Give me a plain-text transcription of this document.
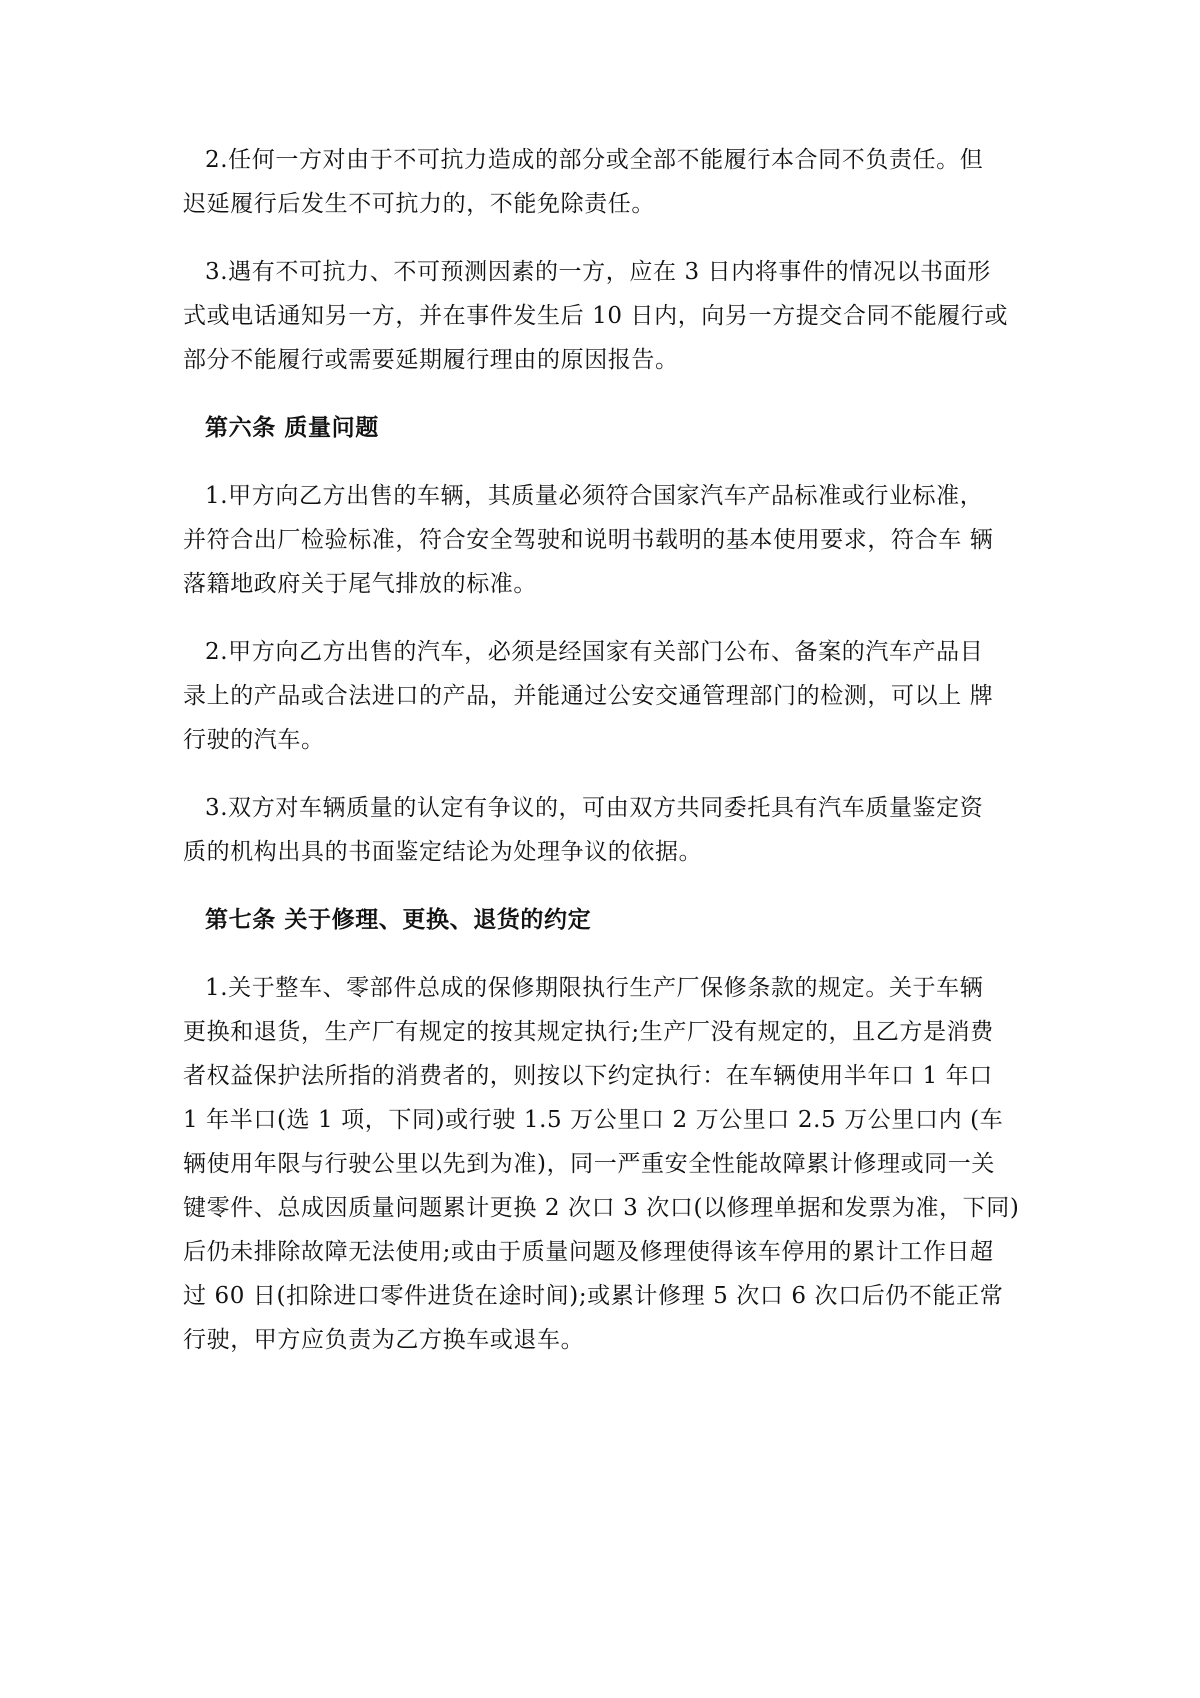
2.任何一方对由于不可抗力造成的部分或全部不能履行本合同不负责任。但
迟延履行后发生不可抗力的，不能免除责任。

3.遇有不可抗力、不可预测因素的一方，应在 3 日内将事件的情况以书面形
式或电话通知另一方，并在事件发生后 10 日内，向另一方提交合同不能履行或
部分不能履行或需要延期履行理由的原因报告。

第六条 质量问题

1.甲方向乙方出售的车辆，其质量必须符合国家汽车产品标准或行业标准，
并符合出厂检验标准，符合安全驾驶和说明书载明的基本使用要求，符合车 辆
落籍地政府关于尾气排放的标准。

2.甲方向乙方出售的汽车，必须是经国家有关部门公布、备案的汽车产品目
录上的产品或合法进口的产品，并能通过公安交通管理部门的检测，可以上 牌
行驶的汽车。

3.双方对车辆质量的认定有争议的，可由双方共同委托具有汽车质量鉴定资
质的机构出具的书面鉴定结论为处理争议的依据。

第七条 关于修理、更换、退货的约定

1.关于整车、零部件总成的保修期限执行生产厂保修条款的规定。关于车辆
更换和退货，生产厂有规定的按其规定执行;生产厂没有规定的，且乙方是消费
者权益保护法所指的消费者的，则按以下约定执行：在车辆使用半年口 1 年口
1 年半口(选 1 项，下同)或行驶 1.5 万公里口 2 万公里口 2.5 万公里口内 (车
辆使用年限与行驶公里以先到为准)，同一严重安全性能故障累计修理或同一关
键零件、总成因质量问题累计更换 2 次口 3 次口(以修理单据和发票为准，下同)
后仍未排除故障无法使用;或由于质量问题及修理使得该车停用的累计工作日超
过 60 日(扣除进口零件进货在途时间);或累计修理 5 次口 6 次口后仍不能正常
行驶，甲方应负责为乙方换车或退车。
